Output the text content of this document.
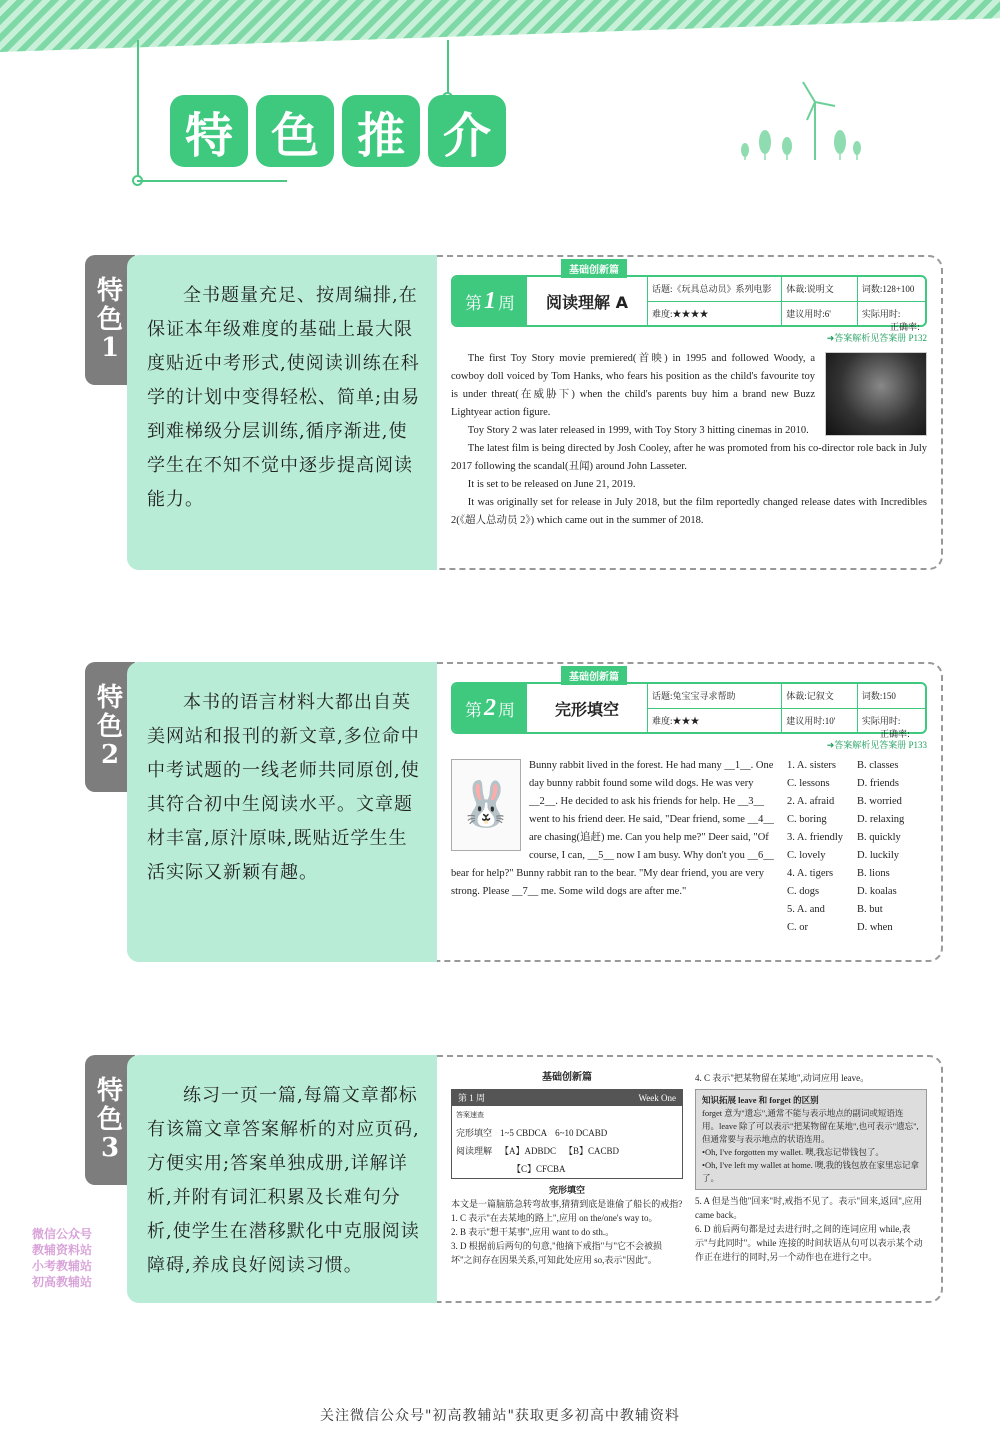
特 色 推 介
特
色
1

全书题量充足、按周编排,在保证本年级难度的基础上最大限度贴近中考形式,使阅读训练在科学的计划中变得轻松、简单;由易到难梯级分层训练,循序渐进,使学生在不知不觉中逐步提高阅读能力。

基础创新篇
第 1 周	阅读理解 A
话题:《玩具总动员》系列电影	体裁:说明文	词数:128+100
难度:★★★★	建议用时:6'	实际用时:
➜答案解析见答案册 P132

The first Toy Story movie premiered(首映) in 1995 and followed Woody, a cowboy doll voiced by Tom Hanks, who fears his position as the child's favourite toy is under threat(在威胁下) when the child's parents buy him a brand new Buzz Lightyear action figure.

Toy Story 2 was later released in 1999, with Toy Story 3 hitting cinemas in 2010.

The latest film is being directed by Josh Cooley, after he was promoted from his co-director role back in July 2017 following the scandal(丑闻) around John Lasseter.

It is set to be released on June 21, 2019.

It was originally set for release in July 2018, but the film reportedly changed release dates with Incredibles 2(《超人总动员 2》) which came out in the summer of 2018.

正确率:
特
色
2

本书的语言材料大都出自英美网站和报刊的新文章,多位命中中考试题的一线老师共同原创,使其符合初中生阅读水平。文章题材丰富,原汁原味,既贴近学生生活实际又新颖有趣。

基础创新篇
第 2 周	完形填空
话题:兔宝宝寻求帮助	体裁:记叙文	词数:150
难度:★★★	建议用时:10'	实际用时:
➜答案解析见答案册 P133
🐰
Bunny rabbit lived in the forest. He had many __1__. One day bunny rabbit found some wild dogs. He was very __2__. He decided to ask his friends for help. He __3__ went to his friend deer. He said, "Dear friend, some __4__ are chasing(追赶) me. Can you help me?" Deer said, "Of course, I can, __5__ now I am busy. Why don't you __6__ bear for help?" Bunny rabbit ran to the bear. "My dear friend, you are very strong. Please __7__ me. Some wild dogs are after me."
1. A. sisters	B. classes
C. lessons	D. friends
2. A. afraid	B. worried
C. boring	D. relaxing
3. A. friendly	B. quickly
C. lovely	D. luckily
4. A. tigers	B. lions
C. dogs	D. koalas
5. A. and	B. but
C. or	D. when
正确率:
特
色
3

练习一页一篇,每篇文章都标有该篇文章答案解析的对应页码,方便实用;答案单独成册,详解详析,并附有词汇积累及长难句分析,使学生在潜移默化中克服阅读障碍,养成良好阅读习惯。

基础创新篇
第 1 周	Week One
答案速查
完形填空 1~5 CBDCA 6~10 DCABD
阅读理解 【A】ADBDC 【B】CACBD
【C】CFCBA
完形填空
本文是一篇脑筋急转弯故事,猜猜到底是谁偷了船长的戒指?
1. C 表示"在去某地的路上",应用 on the/one's way to。
2. B 表示"想干某事",应用 want to do sth.。
3. D 根据前后两句的句意,"他摘下戒指"与"它不会被损坏"之间存在因果关系,可知此处应用 so,表示"因此"。
4. C 表示"把某物留在某地",动词应用 leave。
知识拓展 leave 和 forget 的区别
forget 意为"遗忘",通常不能与表示地点的副词或短语连用。leave 除了可以表示"把某物留在某地",也可表示"遗忘",但通常要与表示地点的状语连用。
•Oh, I've forgotten my wallet. 噢,我忘记带钱包了。
•Oh, I've left my wallet at home. 噢,我的钱包放在家里忘记拿了。
5. A 但是当他"回来"时,戒指不见了。表示"回来,返回",应用 came back。
6. D 前后两句都是过去进行时,之间的连词应用 while,表示"与此同时"。while 连接的时间状语从句可以表示某个动作正在进行的同时,另一个动作也在进行之中。
微信公众号
教辅资料站
小考教辅站
初高教辅站
关注微信公众号"初高教辅站"获取更多初高中教辅资料
